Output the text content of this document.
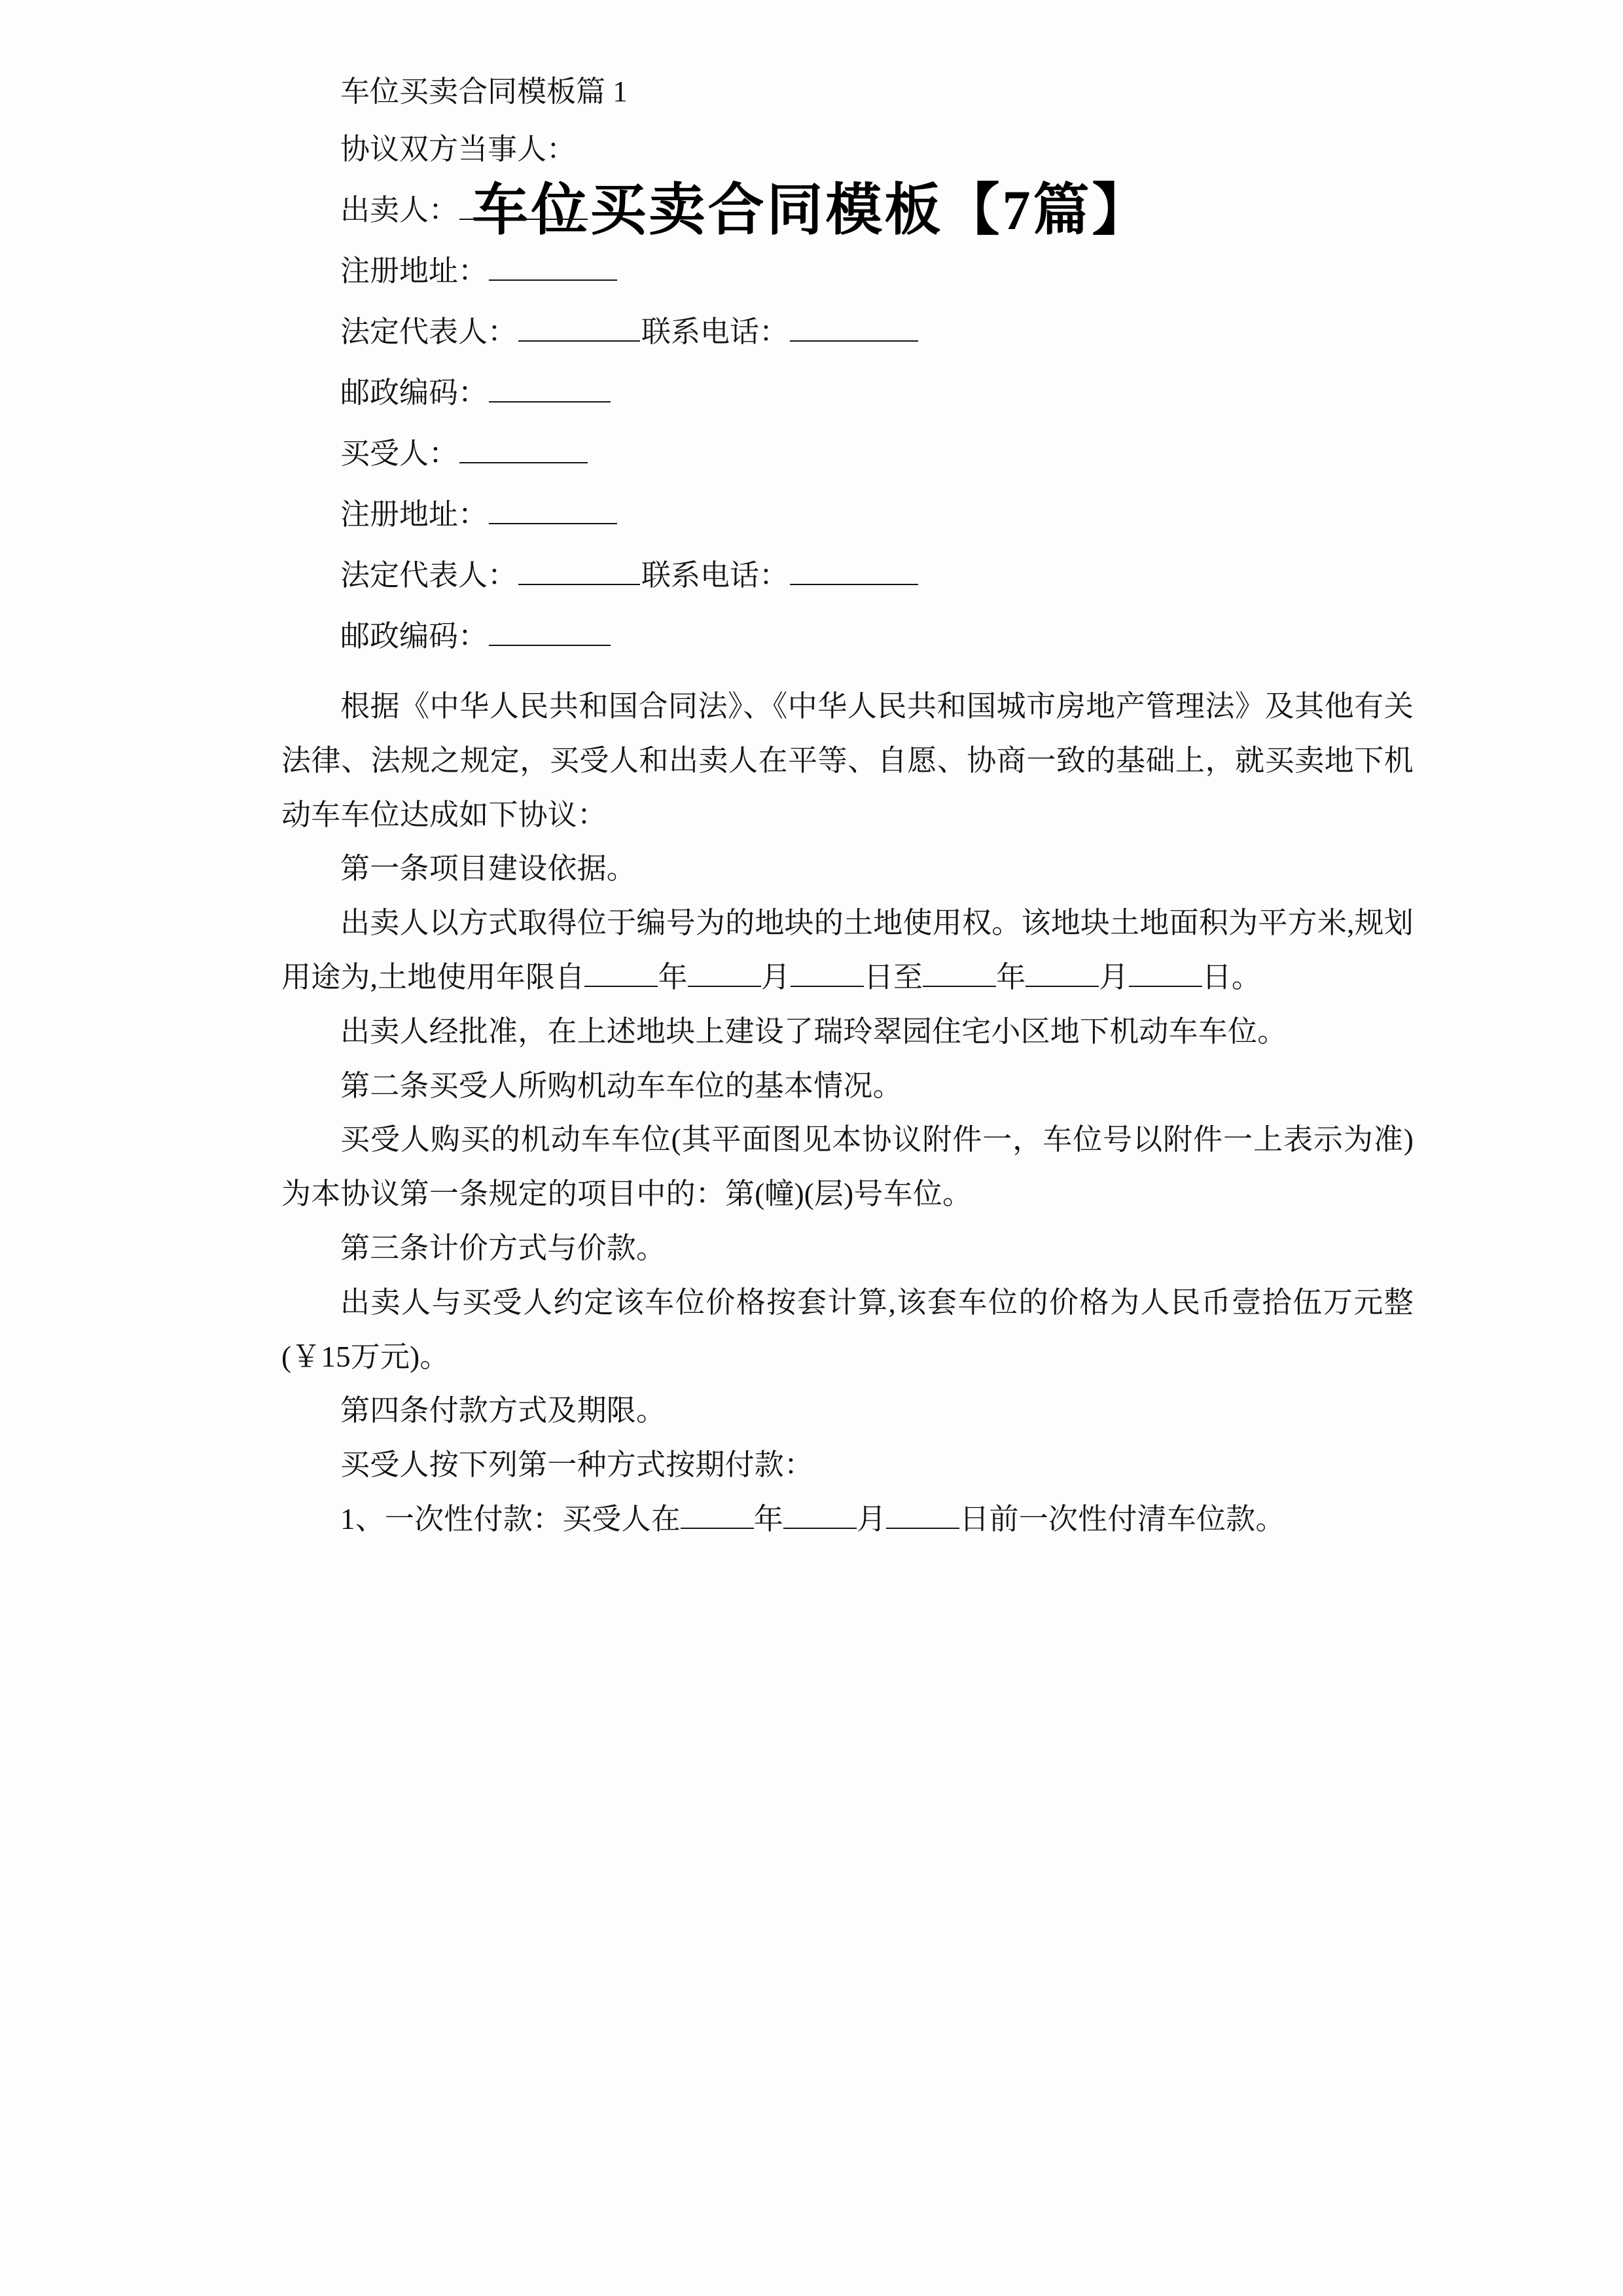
车位买卖合同模板【7篇】

车位买卖合同模板篇 1

协议双方当事人：

出卖人：

注册地址：

法定代表人：	联系电话：

邮政编码：

买受人：

注册地址：

法定代表人：	联系电话：

邮政编码：

根据《中华人民共和国合同法》、《中华人民共和国城市房地产管理法》及其他有关法律、法规之规定，买受人和出卖人在平等、自愿、协商一致的基础上，就买卖地下机动车车位达成如下协议：

第一条项目建设依据。

出卖人以方式取得位于编号为的地块的土地使用权。该地块土地面积为平方米,规划用途为,土地使用年限自 年 月 日至 年 月 日。

出卖人经批准，在上述地块上建设了瑞玲翠园住宅小区地下机动车车位。

第二条买受人所购机动车车位的基本情况。

买受人购买的机动车车位(其平面图见本协议附件一，车位号以附件一上表示为准)为本协议第一条规定的项目中的：第(幢)(层)号车位。

第三条计价方式与价款。

出卖人与买受人约定该车位价格按套计算,该套车位的价格为人民币壹拾伍万元整(￥15万元)。

第四条付款方式及期限。

买受人按下列第一种方式按期付款：

1、一次性付款：买受人在 年 月 日前一次性付清车位款。
